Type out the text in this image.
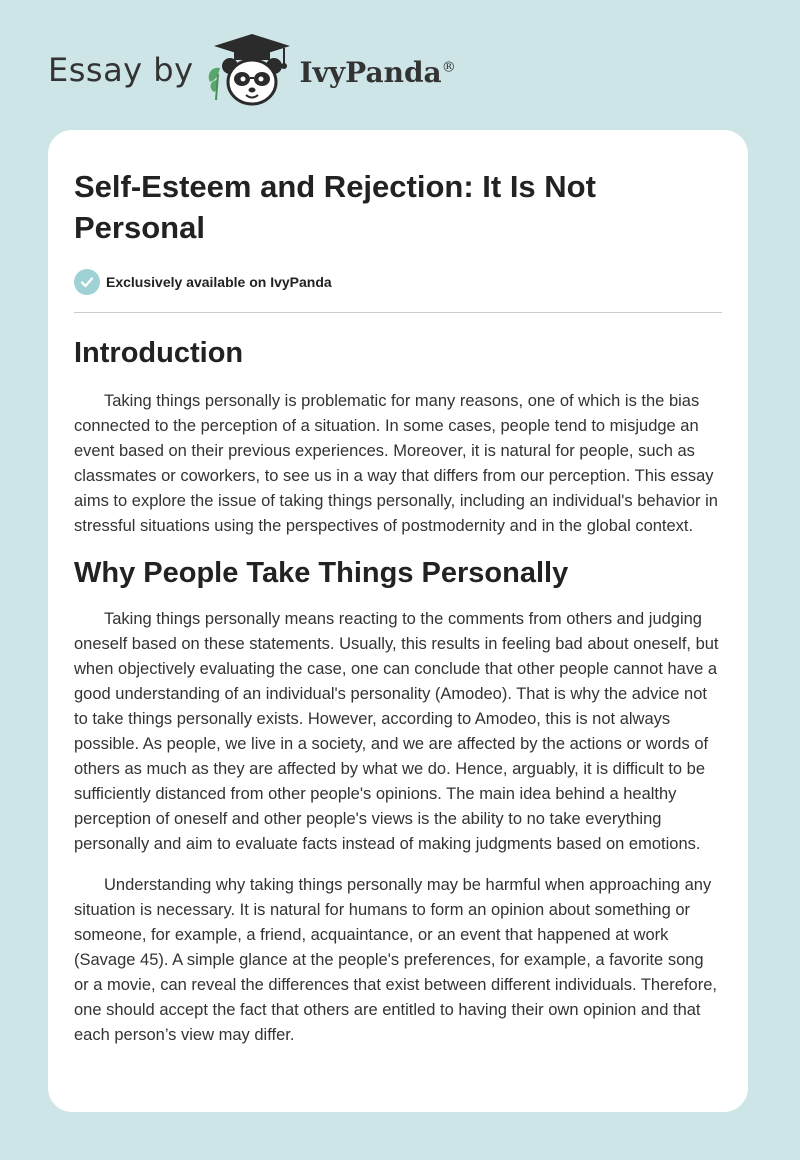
Essay by	IvyPanda®
Self-Esteem and Rejection: It Is Not Personal
Exclusively available on IvyPanda
Introduction

Taking things personally is problematic for many reasons, one of which is the bias connected to the perception of a situation. In some cases, people tend to misjudge an event based on their previous experiences. Moreover, it is natural for people, such as classmates or coworkers, to see us in a way that differs from our perception. This essay aims to explore the issue of taking things personally, including an individual's behavior in stressful situations using the perspectives of postmodernity and in the global context.

Why People Take Things Personally

Taking things personally means reacting to the comments from others and judging oneself based on these statements. Usually, this results in feeling bad about oneself, but when objectively evaluating the case, one can conclude that other people cannot have a good understanding of an individual's personality (Amodeo). That is why the advice not to take things personally exists. However, according to Amodeo, this is not always possible. As people, we live in a society, and we are affected by the actions or words of others as much as they are affected by what we do. Hence, arguably, it is difficult to be sufficiently distanced from other people's opinions. The main idea behind a healthy perception of oneself and other people's views is the ability to no take everything personally and aim to evaluate facts instead of making judgments based on emotions.

Understanding why taking things personally may be harmful when approaching any situation is necessary. It is natural for humans to form an opinion about something or someone, for example, a friend, acquaintance, or an event that happened at work (Savage 45). A simple glance at the people's preferences, for example, a favorite song or a movie, can reveal the differences that exist between different individuals. Therefore, one should accept the fact that others are entitled to having their own opinion and that each person’s view may differ.
